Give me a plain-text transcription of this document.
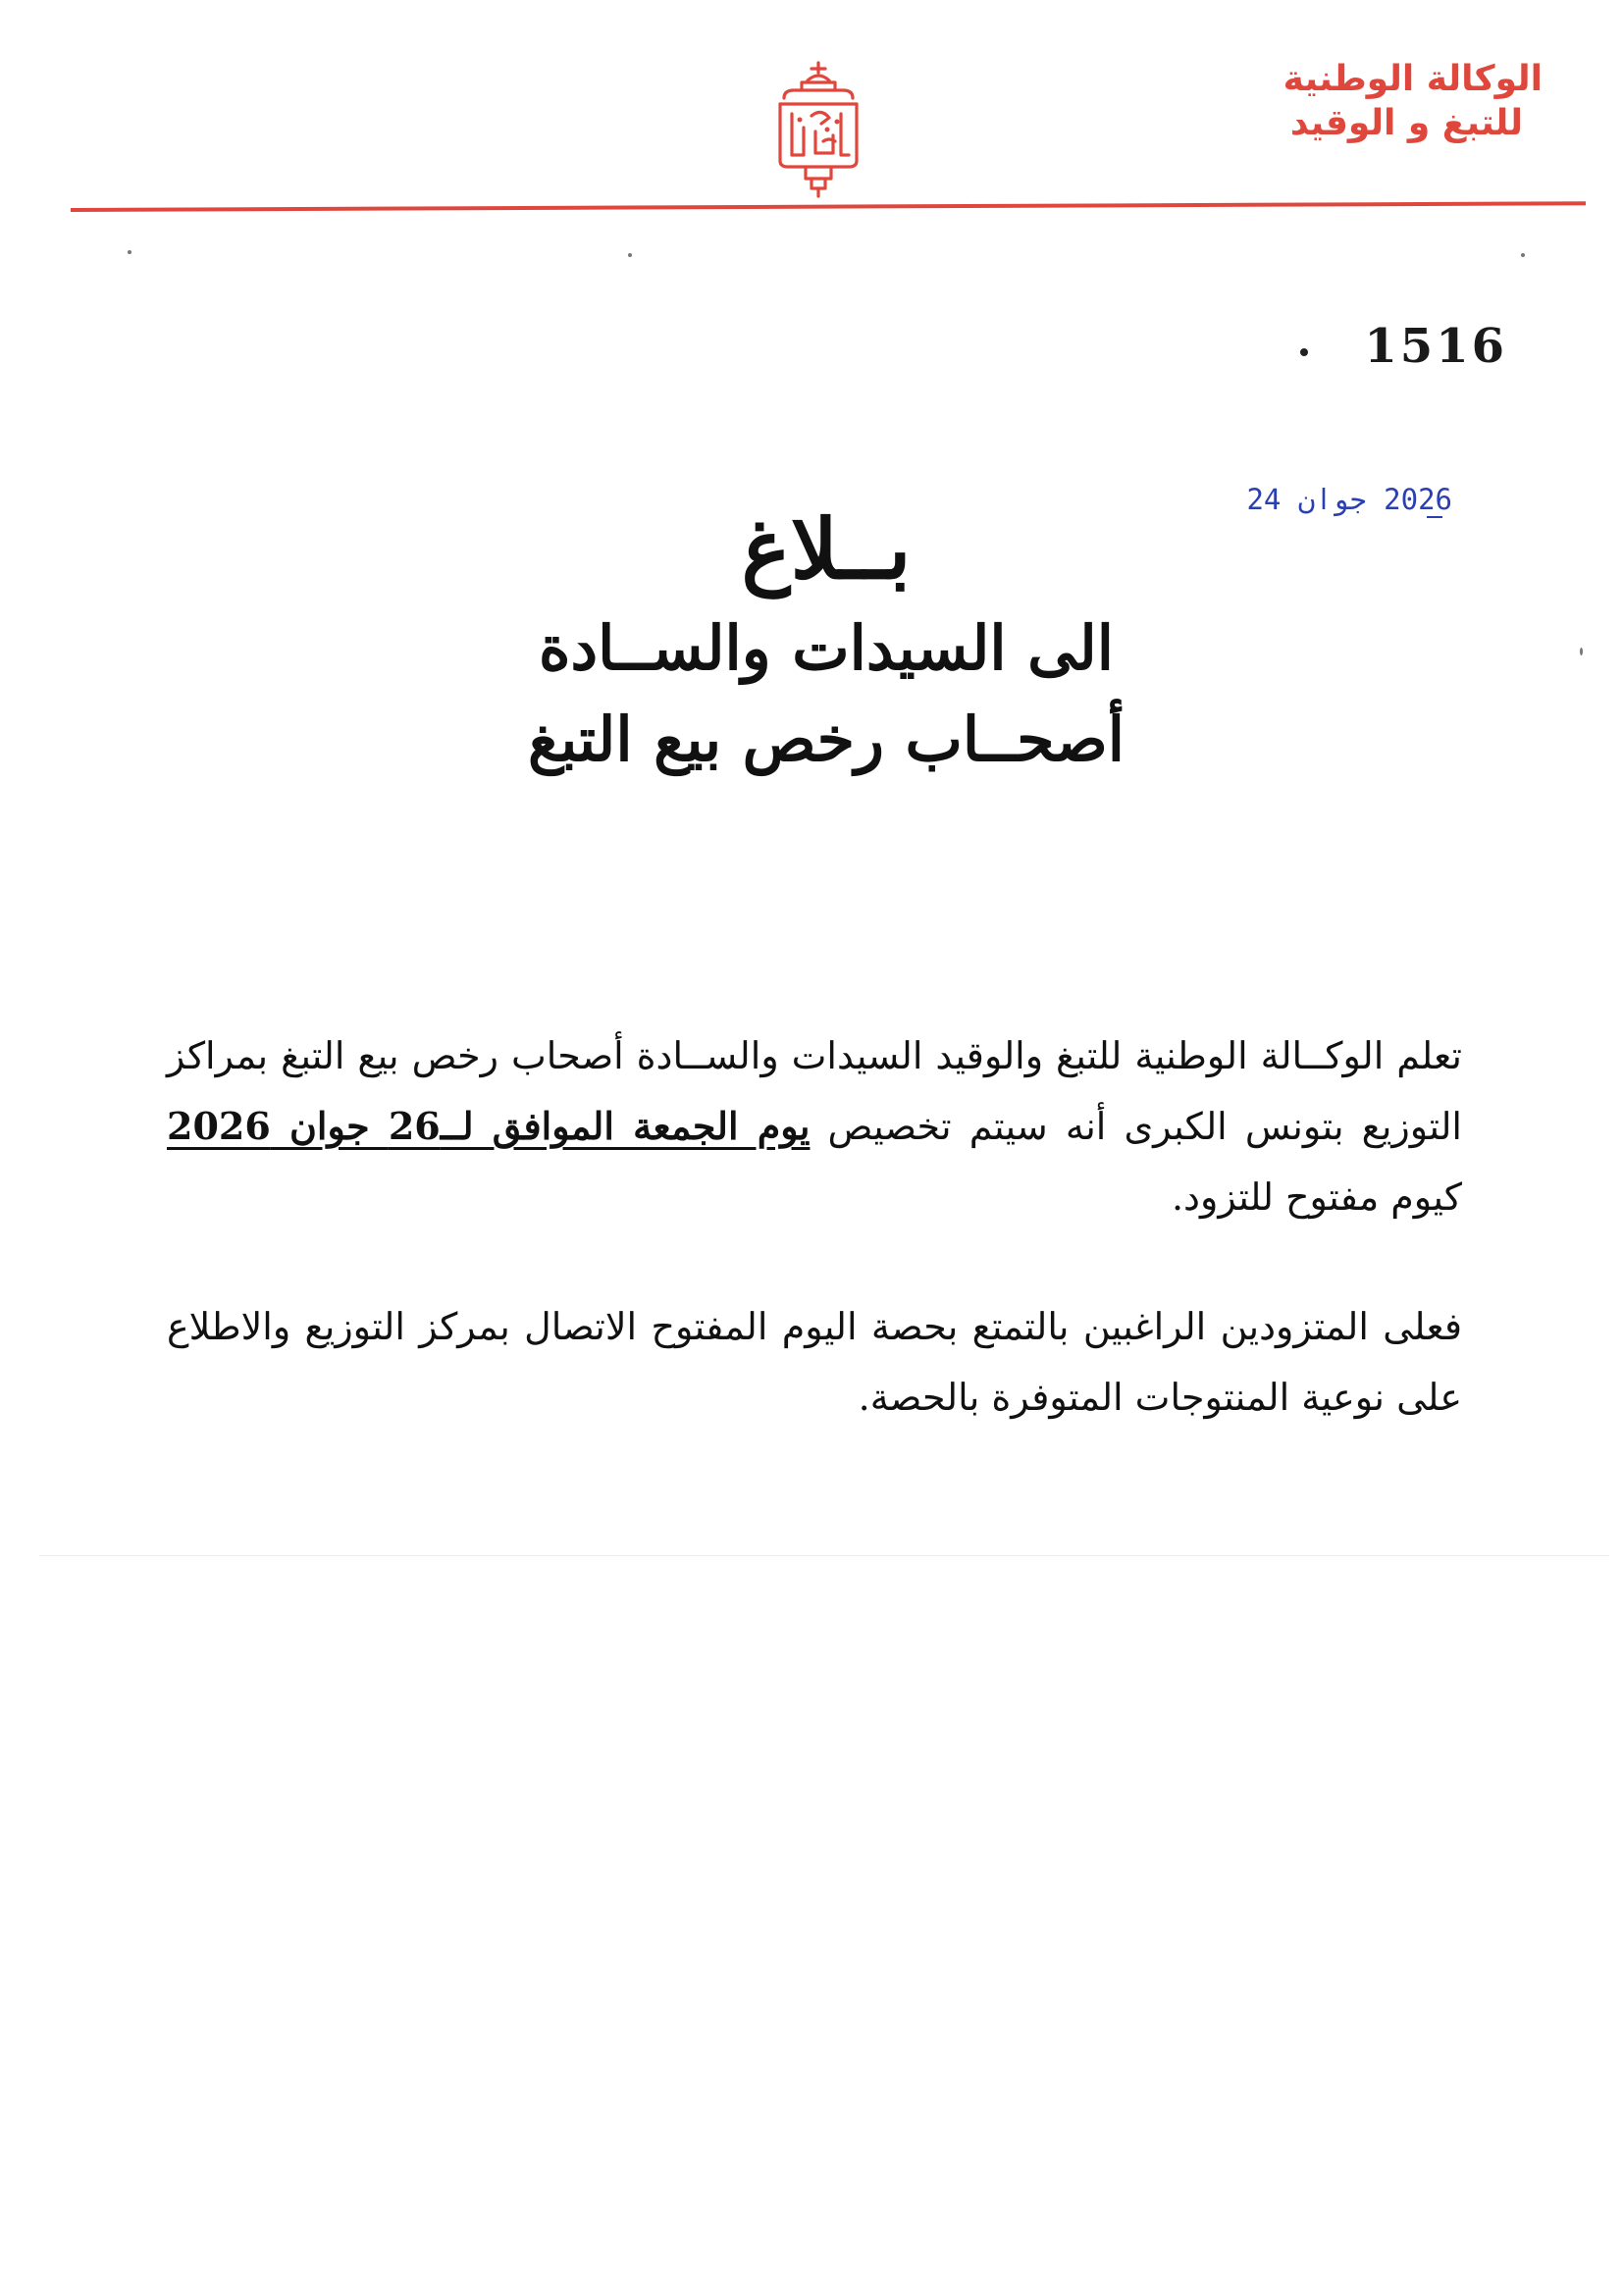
الوكالة الوطنية
للتبغ و الوقيد
1516
2026 جوان 24
بــلاغ
الى السيدات والســادة
أصحــاب رخص بيع التبغ

تعلم الوكــالة الوطنية للتبغ والوقيد السيدات والســادة أصحاب رخص بيع التبغ بمراكز التوزيع بتونس الكبرى أنه سيتم تخصيص يوم الجمعة الموافق لــ26 جوان 2026 كيوم مفتوح للتزود.

فعلى المتزودين الراغبين بالتمتع بحصة اليوم المفتوح الاتصال بمركز التوزيع والاطلاع على نوعية المنتوجات المتوفرة بالحصة.
